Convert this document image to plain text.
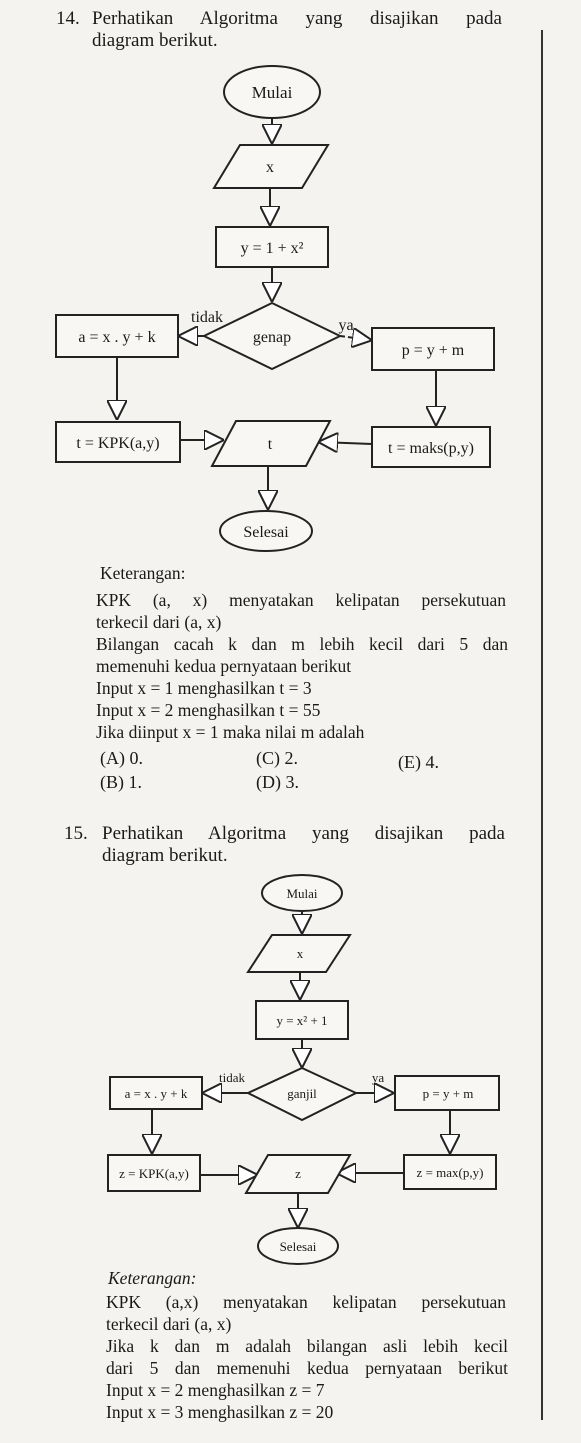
14. Perhatikan Algoritma yang disajikan pada
diagram berikut.
Mulai
x
y = 1 + x²
genap
tidak	ya
a = x . y + k
p = y + m
t = KPK(a,y)	t = maks(p,y)
t
Selesai
Keterangan:
KPK (a, x) menyatakan kelipatan persekutuan
terkecil dari (a, x)
Bilangan cacah k dan m lebih kecil dari 5 dan
memenuhi kedua pernyataan berikut
Input x = 1 menghasilkan t = 3
Input x = 2 menghasilkan t = 55
Jika diinput x = 1 maka nilai m adalah
(A) 0.	(C) 2.	(E) 4.
(B) 1.	(D) 3.
15. Perhatikan Algoritma yang disajikan pada
diagram berikut.
Mulai
x
y = x² + 1
ganjil
tidak	ya
a = x . y + k	p = y + m
z = KPK(a,y)	z = max(p,y)
z
Selesai
Keterangan:
KPK (a,x) menyatakan kelipatan persekutuan
terkecil dari (a, x)
Jika k dan m adalah bilangan asli lebih kecil
dari 5 dan memenuhi kedua pernyataan berikut
Input x = 2 menghasilkan z = 7
Input x = 3 menghasilkan z = 20
